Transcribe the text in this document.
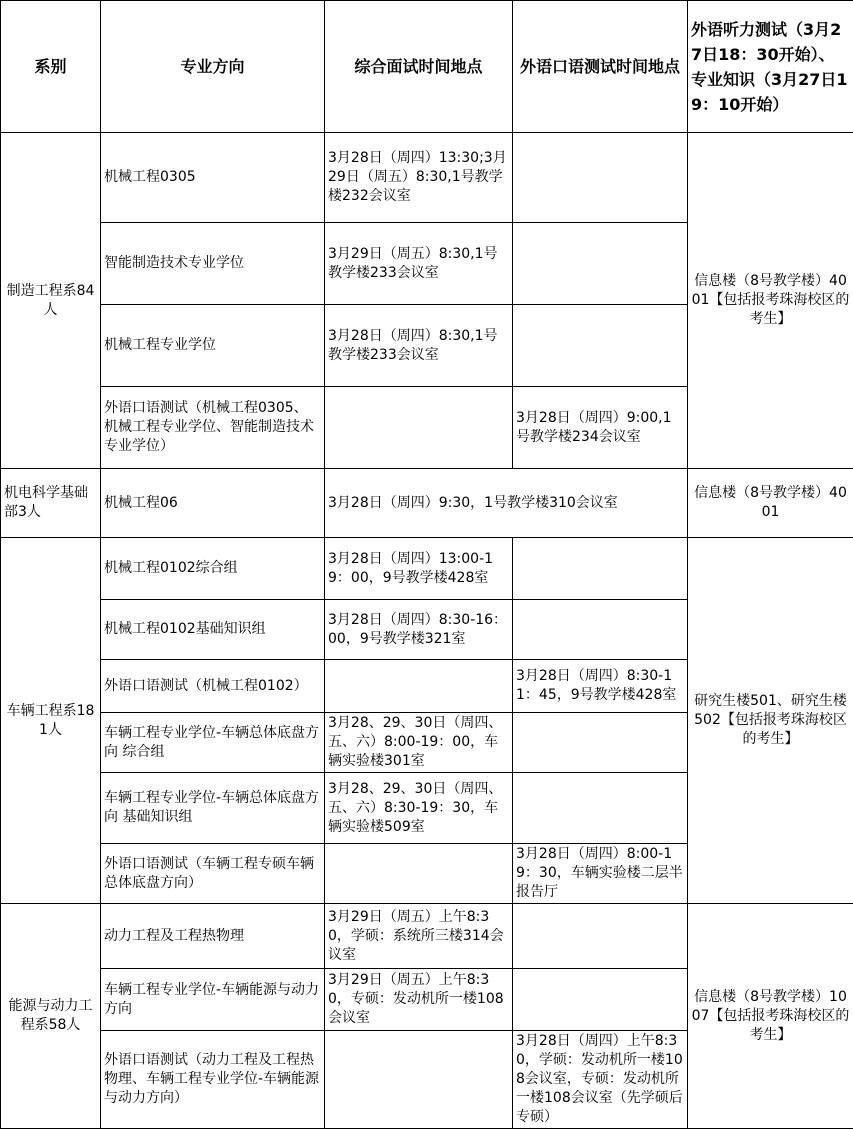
系别	专业方向	综合面试时间地点	外语口语测试时间地点	外语听力测试（3月27日18：30开始）、专业知识（3月27日19：10开始）
制造工程系84人	机械工程0305	3月28日（周四）13:30;3月29日（周五）8:30,1号教学楼232会议室		信息楼（8号教学楼）4001【包括报考珠海校区的考生】
	智能制造技术专业学位	3月29日（周五）8:30,1号教学楼233会议室		
	机械工程专业学位	3月28日（周四）8:30,1号教学楼233会议室		
	外语口语测试（机械工程0305、机械工程专业学位、智能制造技术专业学位）		3月28日（周四）9:00,1号教学楼234会议室	
机电科学基础部3人	机械工程06	3月28日（周四）9:30，1号教学楼310会议室		信息楼（8号教学楼）4001
车辆工程系181人	机械工程0102综合组	3月28日（周四）13:00-19：00，9号教学楼428室		研究生楼501、研究生楼502【包括报考珠海校区的考生】
	机械工程0102基础知识组	3月28日（周四）8:30-16：00，9号教学楼321室		
	外语口语测试（机械工程0102）		3月28日（周四）8:30-11：45，9号教学楼428室	
	车辆工程专业学位-车辆总体底盘方向 综合组	3月28、29、30日（周四、五、六）8:00-19：00，车辆实验楼301室		
	车辆工程专业学位-车辆总体底盘方向 基础知识组	3月28、29、30日（周四、五、六）8:30-19：30，车辆实验楼509室		
	外语口语测试（车辆工程专硕车辆总体底盘方向）		3月28日（周四）8:00-19：30，车辆实验楼二层半报告厅	
能源与动力工程系58人	动力工程及工程热物理	3月29日（周五）上午8:30，学硕：系统所三楼314会议室		信息楼（8号教学楼）1007【包括报考珠海校区的考生】
	车辆工程专业学位-车辆能源与动力方向	3月29日（周五）上午8:30，专硕：发动机所一楼108会议室		
	外语口语测试（动力工程及工程热物理、车辆工程专业学位-车辆能源与动力方向）		3月28日（周四）上午8:30，学硕：发动机所一楼108会议室，专硕：发动机所一楼108会议室（先学硕后专硕）	
